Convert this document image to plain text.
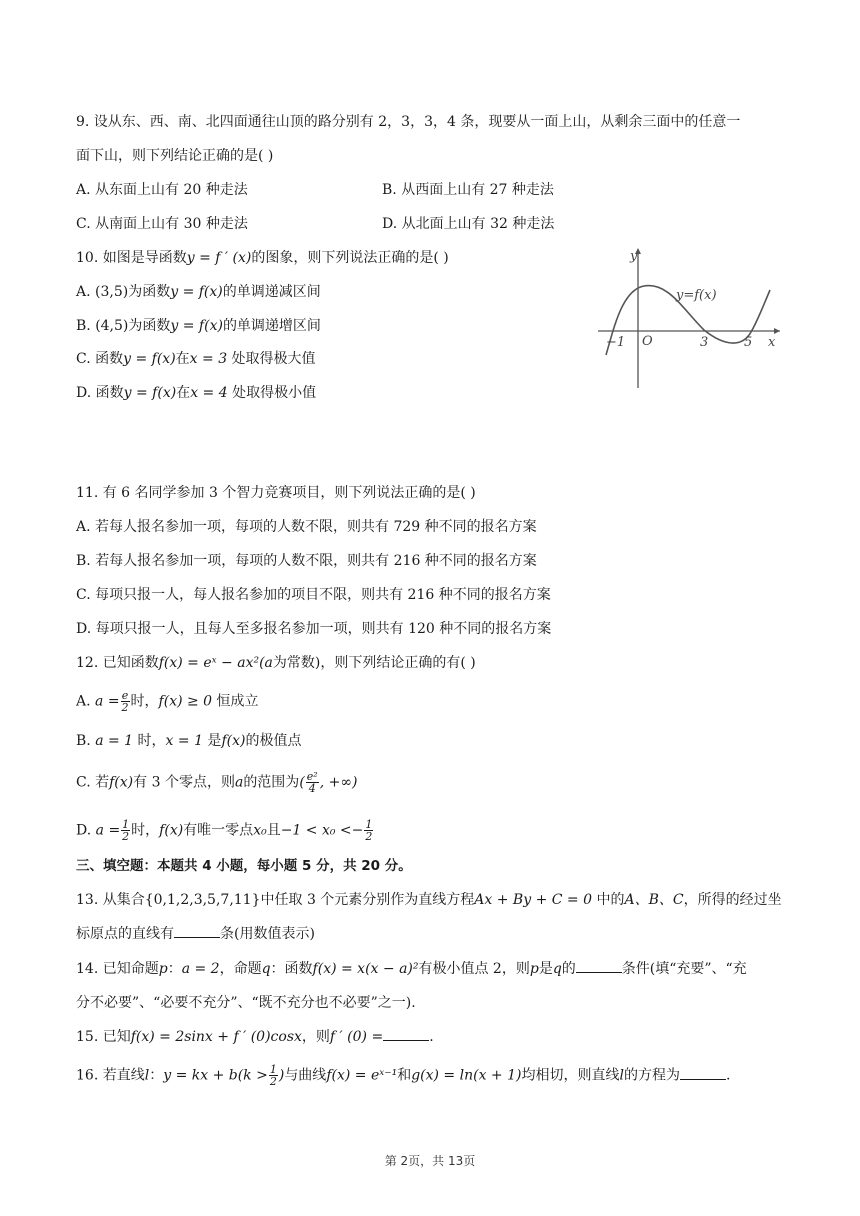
9. 设从东、西、南、北四面通往山顶的路分别有 2，3，3，4 条，现要从一面上山，从剩余三面中的任意一
面下山，则下列结论正确的是( )
A. 从东面上山有 20 种走法	B. 从西面上山有 27 种走法
C. 从南面上山有 30 种走法	D. 从北面上山有 32 种走法
10. 如图是导函数y = f ′ (x)的图象，则下列说法正确的是( )
A. (3,5)为函数y = f(x)的单调递减区间
B. (4,5)为函数y = f(x)的单调递增区间
C. 函数y = f(x)在x = 3 处取得极大值
D. 函数y = f(x)在x = 4 处取得极小值
y
x
y=f(x)
O
−1	3	5
11. 有 6 名同学参加 3 个智力竞赛项目，则下列说法正确的是( )
A. 若每人报名参加一项，每项的人数不限，则共有 729 种不同的报名方案
B. 若每人报名参加一项，每项的人数不限，则共有 216 种不同的报名方案
C. 每项只报一人，每人报名参加的项目不限，则共有 216 种不同的报名方案
D. 每项只报一人，且每人至多报名参加一项，则共有 120 种不同的报名方案
12. 已知函数f(x) = eˣ − ax²(a为常数)，则下列结论正确的有( )
A. $a = \frac{e}{2}$ 时，f(x) ≥ 0 恒成立
B. a = 1 时，x = 1 是f(x)的极值点
C. 若f(x)有 3 个零点，则a的范围为( $\frac{\text{e²}}{4}$ , +∞)
D. $a = \frac{1}{2}$ 时，f(x)有唯一零点x₀且$-1 < x_0 <- \frac{1}{2}$
三、填空题：本题共 4 小题，每小题 5 分，共 20 分。
13. 从集合{0,1,2,3,5,7,11}中任取 3 个元素分别作为直线方程Ax + By + C = 0 中的A、B、C，所得的经过坐
标原点的直线有	条(用数值表示)
14. 已知命题p：a = 2，命题q：函数f(x) = x(x − a)²有极小值点 2，则p是q的	条件(填“充要”、“充
分不必要”、“必要不充分”、“既不充分也不必要”之一).
15. 已知f(x) = 2sinx + f ′ (0)cosx，则f ′ (0) =	.
16. 若直线l：y = kx + $b(k > \frac{1}{2}$ )与曲线f(x) = eˣ⁻¹和g(x) = ln(x + 1)均相切，则直线l的方程为	.
第 2页，共 13页
